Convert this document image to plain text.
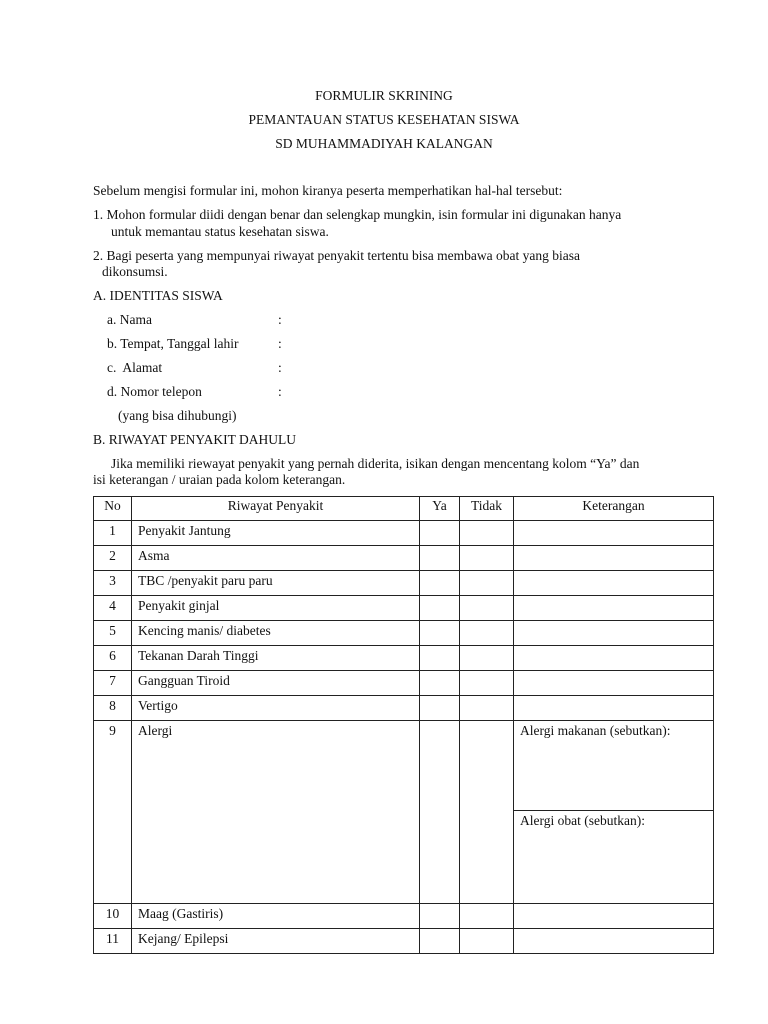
FORMULIR SKRINING
PEMANTAUAN STATUS KESEHATAN SISWA
SD MUHAMMADIYAH KALANGAN
Sebelum mengisi formular ini, mohon kiranya peserta memperhatikan hal-hal tersebut:
1. Mohon formular diidi dengan benar dan selengkap mungkin, isin formular ini digunakan hanya
untuk memantau status kesehatan siswa.
2. Bagi peserta yang mempunyai riwayat penyakit tertentu bisa membawa obat yang biasa
dikonsumsi.
A. IDENTITAS SISWA
a. Nama	:
b. Tempat, Tanggal lahir	:
c.  Alamat	:
d. Nomor telepon	:
(yang bisa dihubungi)
B. RIWAYAT PENYAKIT DAHULU
Jika memiliki riewayat penyakit yang pernah diderita, isikan dengan mencentang kolom “Ya” dan
isi keterangan / uraian pada kolom keterangan.
No	Riwayat Penyakit	Ya	Tidak	Keterangan
1	Penyakit Jantung			
2	Asma			
3	TBC /penyakit paru paru			
4	Penyakit ginjal			
5	Kencing manis/ diabetes			
6	Tekanan Darah Tinggi			
7	Gangguan Tiroid			
8	Vertigo			
9	Alergi			Alergi makanan (sebutkan):
Alergi obat (sebutkan):

10	Maag (Gastiris)			
11	Kejang/ Epilepsi			
